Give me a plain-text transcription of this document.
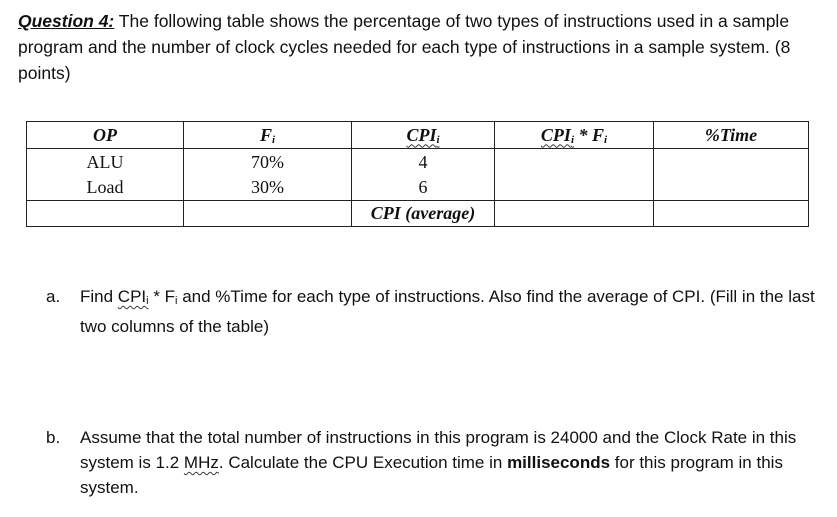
Question 4: The following table shows the percentage of two types of instructions used in a sample program and the number of clock cycles needed for each type of instructions in a sample system. (8 points)
OP	$F_i$	$CPI_i$	$CPI_i * F_i$	%Time
ALU	70%	4		
Load	30%	6		
		CPI (average)		
a. Find $CPI_i * F_i$ and %Time for each type of instructions. Also find the average of CPI. (Fill in the last two columns of the table)
b. Assume that the total number of instructions in this program is 24000 and the Clock Rate in this system is 1.2 MHz. Calculate the CPU Execution time in milliseconds for this program in this system.
